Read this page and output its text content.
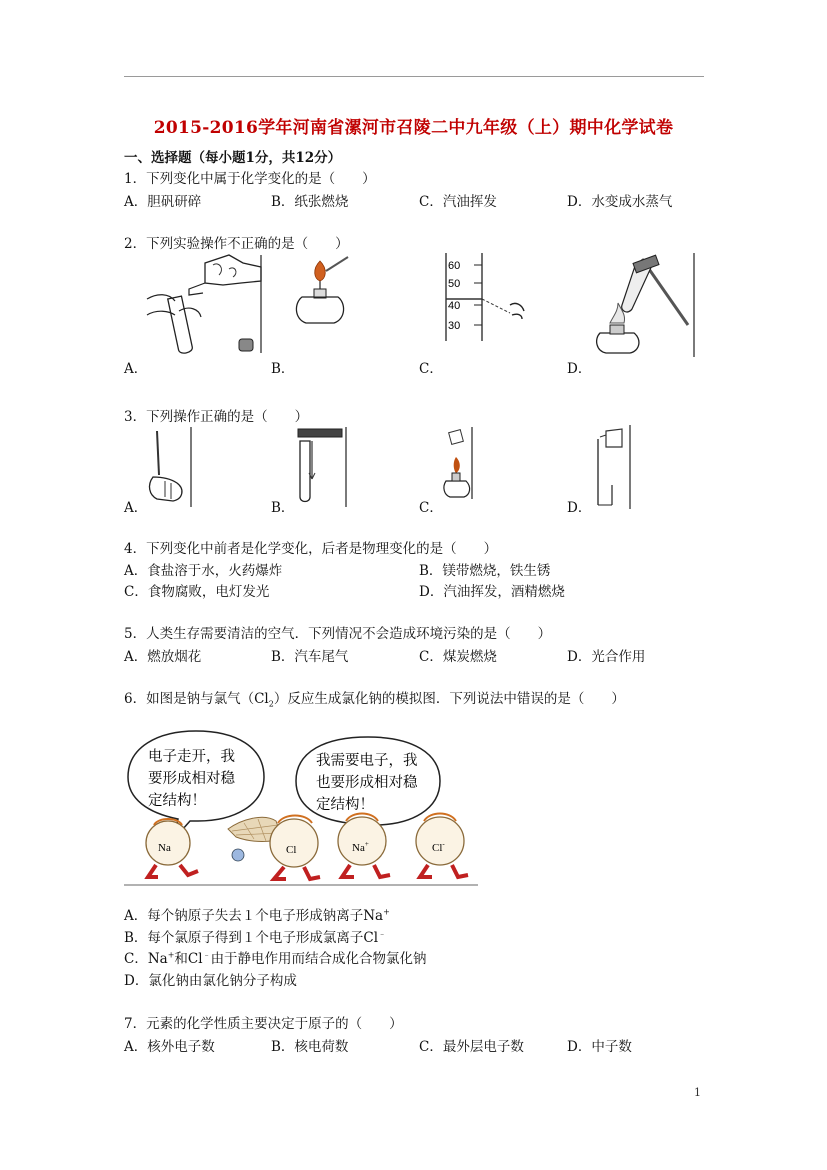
2015-2016学年河南省漯河市召陵二中九年级（上）期中化学试卷
一、选择题（每小题1分，共12分）
1．下列变化中属于化学变化的是（　　）
A．胆矾研碎	B．纸张燃烧	C．汽油挥发	D．水变成水蒸气
2．下列实验操作不正确的是（　　）
A．	B．
60
50
40
30
C．	D．
3．下列操作正确的是（　　）
A．	B．	C．	D．
4．下列变化中前者是化学变化，后者是物理变化的是（　　）
A．食盐溶于水，火药爆炸	B．镁带燃烧，铁生锈
C．食物腐败，电灯发光	D．汽油挥发，酒精燃烧
5．人类生存需要清洁的空气．下列情况不会造成环境污染的是（　　）
A．燃放烟花	B．汽车尾气	C．煤炭燃烧	D．光合作用
6．如图是钠与氯气$(Cl_2)$反应生成氯化钠的模拟图．下列说法中错误的是（　　）
电子走开，我
要形成相对稳
定结构！
我需要电子，我
也要形成相对稳
定结构！
Na	Cl	Na+	Cl-
A．每个钠原子失去１个电子形成钠离子Na+
B．每个氯原子得到１个电子形成氯离子Cl﹣
C．Na+和Cl﹣由于静电作用而结合成化合物氯化钠
D．氯化钠由氯化钠分子构成
7．元素的化学性质主要决定于原子的（　　）
A．核外电子数	B．核电荷数	C．最外层电子数	D．中子数
1
